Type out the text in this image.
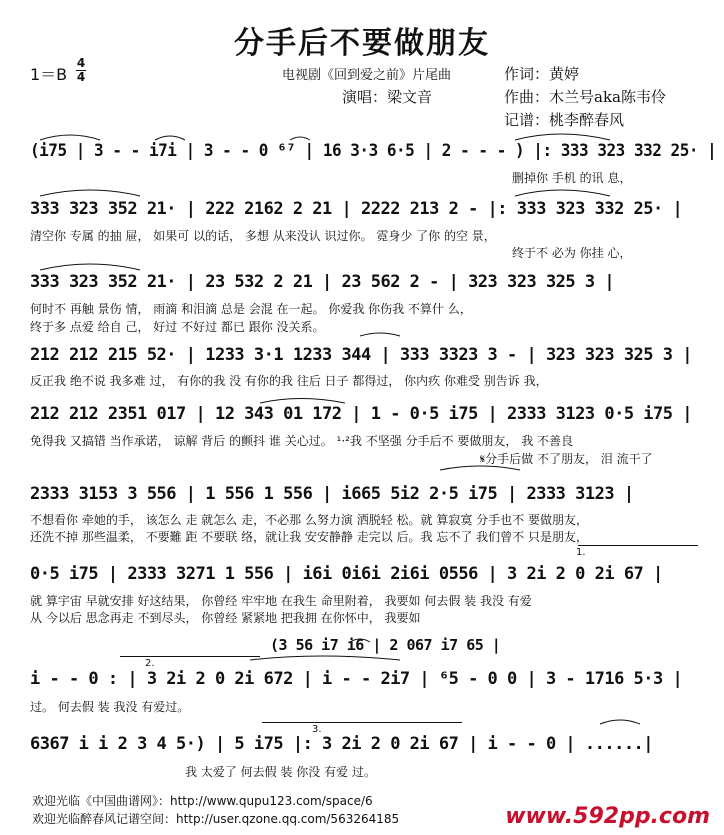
分手后不要做朋友
1＝B
4
4	电视剧《回到爱之前》片尾曲
演唱：梁文音
作词：黄婷
作曲：木兰号aka陈韦伶
记谱：桃李醉春风
1.
2.
3.
(i75 | 3 - - i7i | 3 - - 0 ⁶⁷ | 16 3·3 6·5 | 2 - - - ) |: 333 323 332 25· |
删掉你 手机 的讯 息，
333 323 352 21· | 222 2162 2 21 | 2222 213 2 - |: 333 323 332 25· |
清空你 专属 的抽 屉， 如果可 以的话， 多想 从来没认 识过你。 霓身少 了你 的空 景，
终于不 必为 你挂 心，
333 323 352 21· | 23 532 2 21 | 23 562 2 - | 323 323 325 3 |
何时不 再触 景伤 情， 雨滴 和泪滴 总是 会混 在一起。 你爱我 你伤我 不算什 么，
终于多 点爱 给自 己， 好过 不好过 都已 跟你 没关系。
212 212 215 52· | 1233 3·1 1233 344 | 333 3323 3 - | 323 323 325 3 |
反正我 绝不说 我多难 过， 有你的我 没 有你的我 往后 日子 都得过， 你内疚 你难受 别告诉 我，
212 212 2351 017 | 12 343 01 172 | 1 - 0·5 i75 | 2333 3123 0·5 i75 |
免得我 又搞错 当作承诺， 谅解 背后 的颤抖 谁 关心过。 ¹·²我 不坚强 分手后不 要做朋友， 我 不善良
𝄋分手后做 不了朋友， 泪 流干了
2333 3153 3 556 | 1 556 1 556 | i665 5i2 2·5 i75 | 2333 3123 |
不想看你 牵她的手， 该怎么 走 就怎么 走，不必那 么努力演 洒脱轻 松。就 算寂寞 分手也不 要做朋友，
还洗不掉 那些温柔， 不要難 距 不要联 络，就让我 安安静静 走完以 后。我 忘不了 我们曾不 只是朋友，
0·5 i75 | 2333 3271 1 556 | i6i 0i6i 2i6i 0556 | 3 2i 2 0 2i 67 |
就 算宇宙 早就安排 好这结果， 你曾经 牢牢地 在我生 命里附着， 我要如 何去假 装 我没 有爱
从 今以后 思念再走 不到尽头， 你曾经 紧紧地 把我拥 在你怀中， 我要如
(3 56 i7 i6 | 2 067 i7 65 |
i - - 0 : | 3 2i 2 0 2i 672 | i - - 2i7 | ⁶5 - 0 0 | 3 - 1716 5·3 |
过。 何去假 装 我没 有爱过。
6367 i i 2 3 4 5·) | 5 i75 |: 3 2i 2 0 2i 67 | i - - 0 | ......|
我 太爱了 何去假 装 你没 有爱 过。
欢迎光临《中国曲谱网》：http://www.qupu123.com/space/6
欢迎光临醉春风记谱空间：http://user.qzone.qq.com/563264185	www.592pp.com
